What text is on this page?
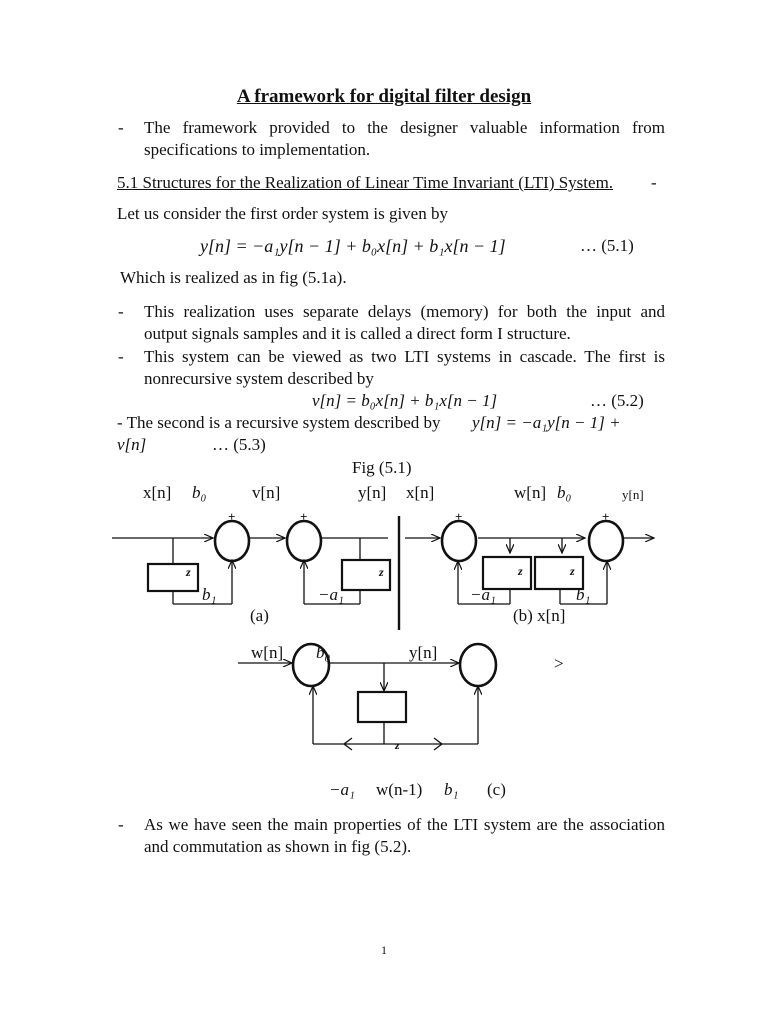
A framework for digital filter design
- The framework provided to the designer valuable information from
specifications to implementation.
5.1 Structures for the Realization of Linear Time Invariant (LTI) System. -
Let us consider the first order system is given by
y[n] = −a₁y[n − 1] + b₀x[n] + b₁x[n − 1]	… (5.1)
Which is realized as in fig (5.1a).
- This realization uses separate delays (memory) for both the input and
output signals samples and it is called a direct form I structure.
- This system can be viewed as two LTI systems in cascade. The first is
nonrecursive system described by
v[n] = b₀x[n] + b₁x[n − 1]	… (5.2)
- The second is a recursive system described by y[n] = −a₁y[n − 1] +
v[n]	… (5.3)
Fig (5.1)
x[n] b₀	v[n]	y[n] x[n]	w[n] b₀	y[n]
+	+	+	+
z	z	z	z
b₁	−a₁	−a₁	b₁
(a)	(b) x[n]
w[n] b₀	y[n]
>
z
−a₁ w(n-1) b₁ (c)
- As we have seen the main properties of the LTI system are the association
and commutation as shown in fig (5.2).
1
